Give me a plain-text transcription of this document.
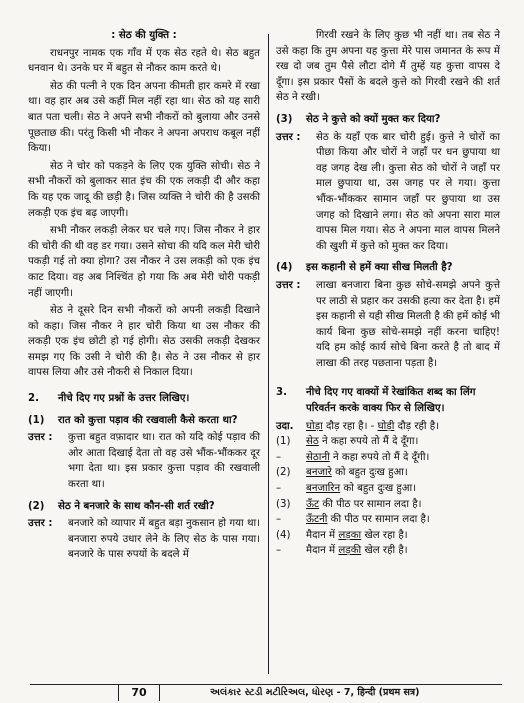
: सेठ की युक्ति :

राधनपुर नामक एक गाँव में एक सेठ रहते थे। सेठ बहुत धनवान थे। उनके घर में बहुत से नौकर काम करते थे।

सेठ की पत्नी ने एक दिन अपना कीमती हार कमरे में रखा था। वह हार अब उसे कहीं मिल नहीं रहा था। सेठ को यह सारी बात पता चली। सेठ ने अपने सभी नौकरों को बुलाया और उनसे पूछताछ की। परंतु किसी भी नौकर ने अपना अपराध कबूल नहीं किया।

सेठ ने चोर को पकड़ने के लिए एक युक्ति सोची। सेठ ने सभी नौकरों को बुलाकर सात इंच की एक लकड़ी दी और कहा कि यह एक जादू की छड़ी है। जिस व्यक्ति ने चोरी की है उसकी लकड़ी एक इंच बढ़ जाएगी।

सभी नौकर लकड़ी लेकर घर चले गए। जिस नौकर ने हार की चोरी की थी वह डर गया। उसने सोचा की यदि कल मेरी चोरी पकड़ी गई तो क्या होगा? उस नौकर ने उस लकड़ी को एक इंच काट दिया। वह अब निश्चिंत हो गया कि अब मेरी चोरी पकड़ी नहीं जाएगी।

सेठ ने दूसरे दिन सभी नौकरों को अपनी लकड़ी दिखाने को कहा। जिस नौकर ने हार चोरी किया था उस नौकर की लकड़ी एक इंच छोटी हो गई होगी। सेठ उसकी लकड़ी देखकर समझ गए कि उसी ने चोरी की है। सेठ ने उस नौकर से हार वापस लिया और उसे नौकरी से निकाल दिया।

2.	नीचे दिए गए प्रश्नों के उत्तर लिखिए।
(1)	रात को कुत्ता पड़ाव की रखवाली कैसे करता था?
उत्तर :	कुत्ता बहुत वफ़ादार था। रात को यदि कोई पड़ाव की ओर आता दिखाई देता तो वह उसे भौंक-भौंककर दूर भगा देता था। इस प्रकार कुत्ता पड़ाव की रखवाली करता था।
(2)	सेठ ने बनजारे के साथ कौन-सी शर्त रखी?
उत्तर :	बनजारे को व्यापार में बहुत बड़ा नुकसान हो गया था। बनजारा रुपये उधार लेने के लिए सेठ के पास गया। बनजारे के पास रुपयों के बदले में

गिरवी रखने के लिए कुछ भी नहीं था। तब सेठ ने उसे कहा कि तुम अपना यह कुत्ता मेरे पास जमानत के रूप में रख दो जब तुम पैसे लौटा दोगे मैं तुम्हें यह कुत्ता वापस दे दूँगा। इस प्रकार पैसों के बदले कुत्ते को गिरवी रखने की शर्त सेठ ने रखी।

(3)	सेठ ने कुत्ते को क्यों मुक्त कर दिया?
उत्तर :	सेठ के यहाँ एक बार चोरी हुई। कुत्ते ने चोरों का पीछा किया और चोरों ने जहाँ पर धन छुपाया था वह जगह देख ली। कुत्ता सेठ को चोरों ने जहाँ पर माल छुपाया था, उस जगह पर ले गया। कुत्ता भौंक-भौंककर सामान जहाँ पर छुपाया था उस जगह को दिखाने लगा। सेठ को अपना सारा माल वापस मिल गया। सेठ ने अपना माल वापस मिलने की खुशी में कुत्ते को मुक्त कर दिया।
(4)	इस कहानी से हमें क्या सीख मिलती है?
उत्तर :	लाखा बनजारा बिना कुछ सोचे-समझे अपने कुत्ते पर लाठी से प्रहार कर उसकी हत्या कर देता है। हमें इस कहानी से यही सीख मिलती है की हमें कोई भी कार्य बिना कुछ सोचे-समझे नहीं करना चाहिए! यदि हम कोई कार्य सोचे बिना करते है तो बाद में लाखा की तरह पछताना पड़ता है।
3.	नीचे दिए गए वाक्यों में रेखांकित शब्द का लिंग परिवर्तन करके वाक्य फिर से लिखिए।
उदा.	घोड़ा दौड़ रहा है। - घोड़ी दौड़ रही है।
(1)	सेठ ने कहा रुपये तो मैं दे दूँगा।
–	सेठानी ने कहा रुपये तो मैं दे दूँगी।
(2)	बनजारे को बहुत दुःख हुआ।
–	बनजारिन को बहुत दुःख हुआ।
(3)	ऊँट की पीठ पर सामान लदा है।
–	ऊँटनी की पीठ पर सामान लदा है।
(4)	मैदान में लड़का खेल रहा है।
–	मैदान में लड़की खेल रही है।
70	અલંકાર સ્ટડી મટીરિઅલ, ધોરણ - 7, हिन्दी (प्रथम सत्र)
